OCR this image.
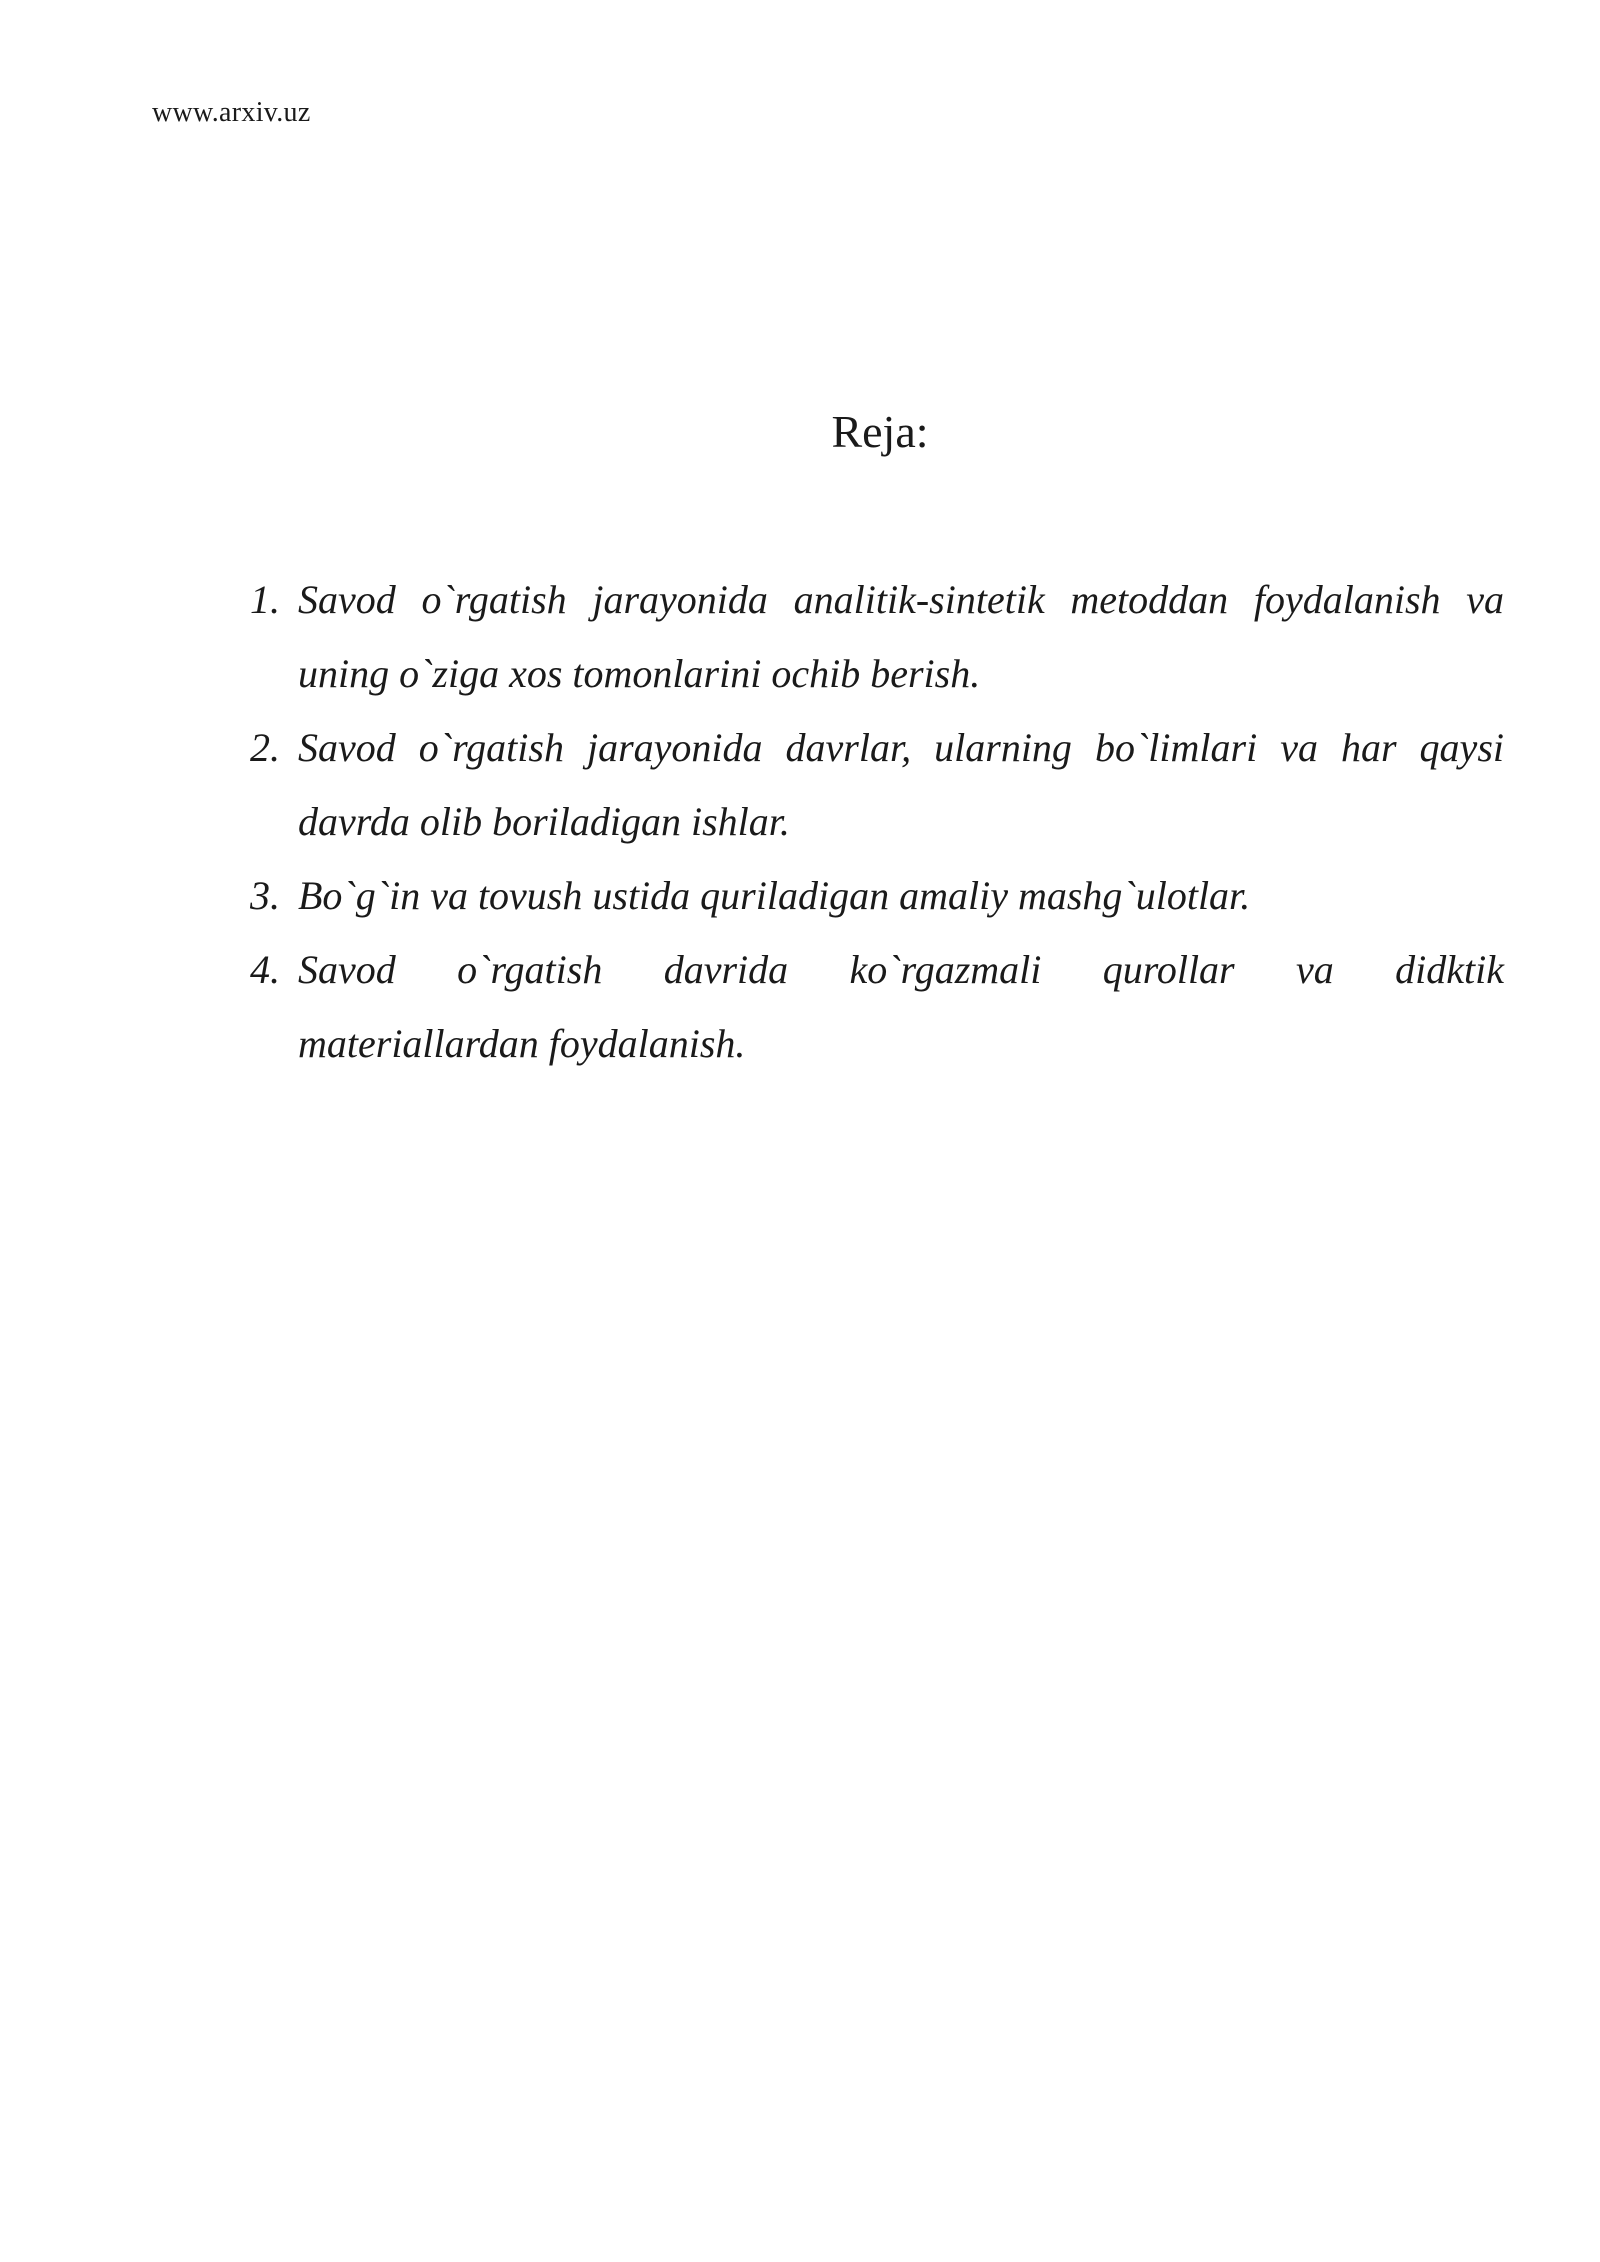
www.arxiv.uz
Reja:
1. Savod o`rgatish jarayonida analitik-sintetik metoddan foydalanish va uning o`ziga xos tomonlarini ochib berish.
2. Savod o`rgatish jarayonida davrlar, ularning bo`limlari va har qaysi davrda olib boriladigan ishlar.
3. Bo`g`in va tovush ustida quriladigan amaliy mashg`ulotlar.
4. Savod o`rgatish davrida ko`rgazmali qurollar va didktik
materiallardan foydalanish.
